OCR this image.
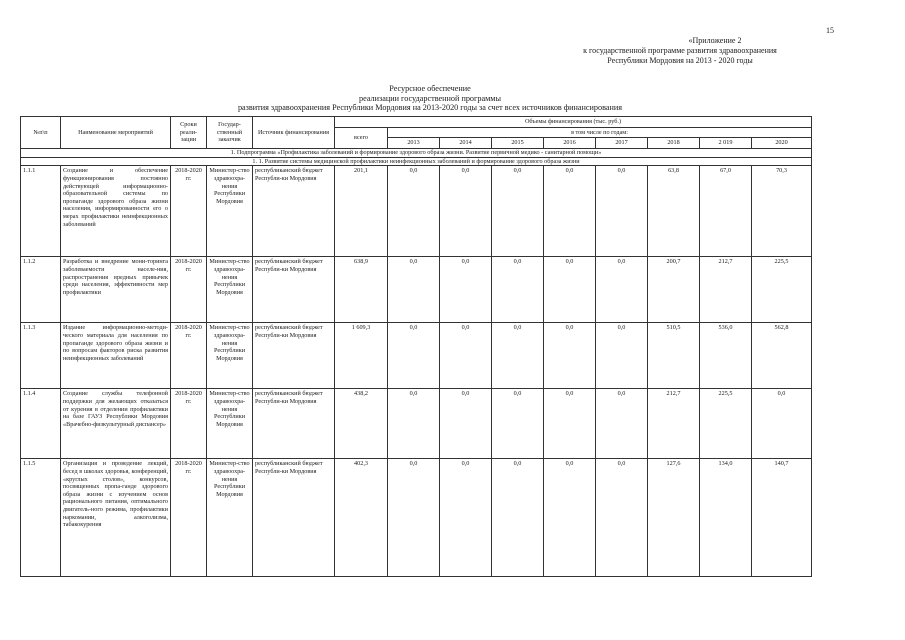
15
«Приложение 2
к государственной программе развития здравоохранения
Республики Мордовия на 2013 - 2020 годы
Ресурсное обеспечение
реализации государственной программы
развития здравоохранения Республики Мордовия на 2013-2020 годы за счет всех источников финансирования
№п\п	Наименование мероприятий	Сроки реали-зации	Государ-ственный заказчик	Источник финансирования	Объемы финансирования (тыс. руб.)								
					всего	в том числе по годам:							
						2013	2014	2015	2016	2017	2018	2 019	2020
1. Подпрограмма «Профилактика заболеваний и формирование здорового образа жизни. Развитие первичной медико - санитарной помощи»													
1. 1. Развитие системы медицинской профилактики неинфекционных заболеваний и формирование здорового образа жизни													
1.1.1	Создание и обеспечение функционирования постоянно действующей информационно-образовательной системы по пропаганде здорового образа жизни населения, информированности его о мерах профилактики неинфекционных заболеваний	2018-2020 гг.	Министер-ство здравоохра-нения Республики Мордовия	республиканский бюджет Республи-ки Мордовия	201,1	0,0	0,0	0,0	0,0	0,0	63,8	67,0	70,3
1.1.2	Разработка и внедрение мони-торинга заболеваемости населе-ния, распространения вредных привычек среди населения, эффективности мер профилактики	2018-2020 гг.	Министер-ство здравоохра-нения Республики Мордовия	республиканский бюджет Республи-ки Мордовия	638,9	0,0	0,0	0,0	0,0	0,0	200,7	212,7	225,5
1.1.3	Издание информационно-методи-ческого материала для населения по пропаганде здорового образа жизни и по вопросам факторов риска развития неинфекционных заболеваний	2018-2020 гг.	Министер-ство здравоохра-нения Республики Мордовия	республиканский бюджет Республи-ки Мордовия	1 609,3	0,0	0,0	0,0	0,0	0,0	510,5	536,0	562,8
1.1.4	Создание службы телефонной поддержки для желающих отказаться от курения в отделении профилактики на базе ГАУЗ Республики Мордовия «Врачебно-физкультурный диспансер»	2018-2020 гг.	Министер-ство здравоохра-нения Республики Мордовия	республиканский бюджет Республи-ки Мордовия	438,2	0,0	0,0	0,0	0,0	0,0	212,7	225,5	0,0
1.1.5	Организация и проведение лекций, бесед в школах здоровья, конференций, «круглых столов», конкурсов, посвященных пропа-ганде здорового образа жизни с изучением основ рационального питания, оптимального двигатель-ного режима, профилактики наркомании, алкоголизма, табакокурения	2018-2020 гг.	Министер-ство здравоохра-нения Республики Мордовия	республиканский бюджет Республи-ки Мордовия	402,3	0,0	0,0	0,0	0,0	0,0	127,6	134,0	140,7
